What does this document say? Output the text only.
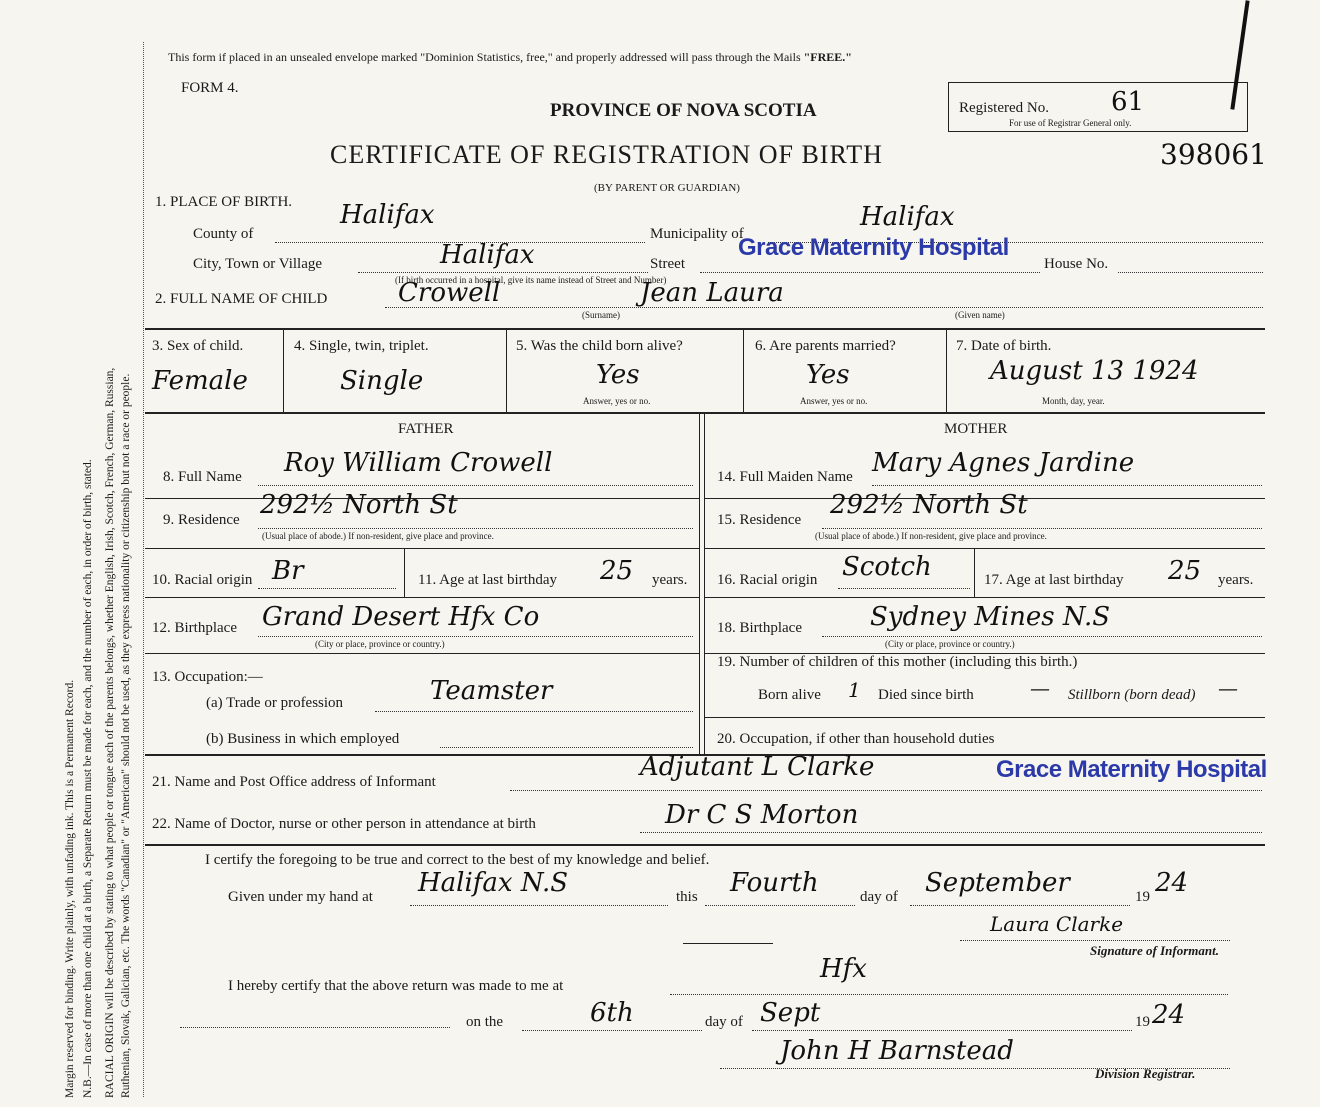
Margin reserved for binding. Write plainly, with unfading ink. This is a Permanent Record. N.B.—In case of more than one child at a birth, a Separate Return must be made for each, and the number of each, in order of birth, stated. RACIAL ORIGIN will be described by stating to what people or tongue each of the parents belongs, whether English, Irish, Scotch, French, German, Russian, Ruthenian, Slovak, Galician, etc. The words "Canadian" or "American" should not be used, as they express nationality or citizenship but not a race or people.
This form if placed in an unsealed envelope marked "Dominion Statistics, free," and properly addressed will pass through the Mails "FREE."
FORM 4.
PROVINCE OF NOVA SCOTIA	Registered No. 61
For use of Registrar General only.
CERTIFICATE OF REGISTRATION OF BIRTH	398061
(BY PARENT OR GUARDIAN)
1. PLACE OF BIRTH.
County of
Halifax
Municipality of
Halifax
City, Town or Village	Halifax	Street
Grace Maternity Hospital
House No.
(If birth occurred in a hospital, give its name instead of Street and Number)
2. FULL NAME OF CHILD	Crowell	Jean Laura
(Surname)	(Given name)
3. Sex of child.
Female
4. Single, twin, triplet.
Single
5. Was the child born alive?
Yes
Answer, yes or no.
6. Are parents married?
Yes
Answer, yes or no.
7. Date of birth.
August 13 1924
Month, day, year.
FATHER	MOTHER
8. Full Name Roy William Crowell
9. Residence 292½ North St
(Usual place of abode.) If non-resident, give place and province.
10. Racial origin Br	11. Age at last birthday 25 years.
12. Birthplace Grand Desert Hfx Co
(City or place, province or country.)
13. Occupation:—
(a) Trade or profession	Teamster
(b) Business in which employed
14. Full Maiden Name Mary Agnes Jardine
15. Residence 292½ North St
(Usual place of abode.) If non-resident, give place and province.
16. Racial origin Scotch	17. Age at last birthday 25 years.
18. Birthplace	Sydney Mines N.S
(City or place, province or country.)
19. Number of children of this mother (including this birth.)
Born alive 1 Died since birth	— Stillborn (born dead) —
20. Occupation, if other than household duties
21. Name and Post Office address of Informant	Adjutant L Clarke	Grace Maternity Hospital
22. Name of Doctor, nurse or other person in attendance at birth	Dr C S Morton
I certify the foregoing to be true and correct to the best of my knowledge and belief.
Given under my hand at Halifax N.S	this Fourth	day of September	19 24
Laura Clarke
Signature of Informant.
I hereby certify that the above return was made to me at
Hfx
on the	6th	day of Sept	19 24
John H Barnstead
Division Registrar.
